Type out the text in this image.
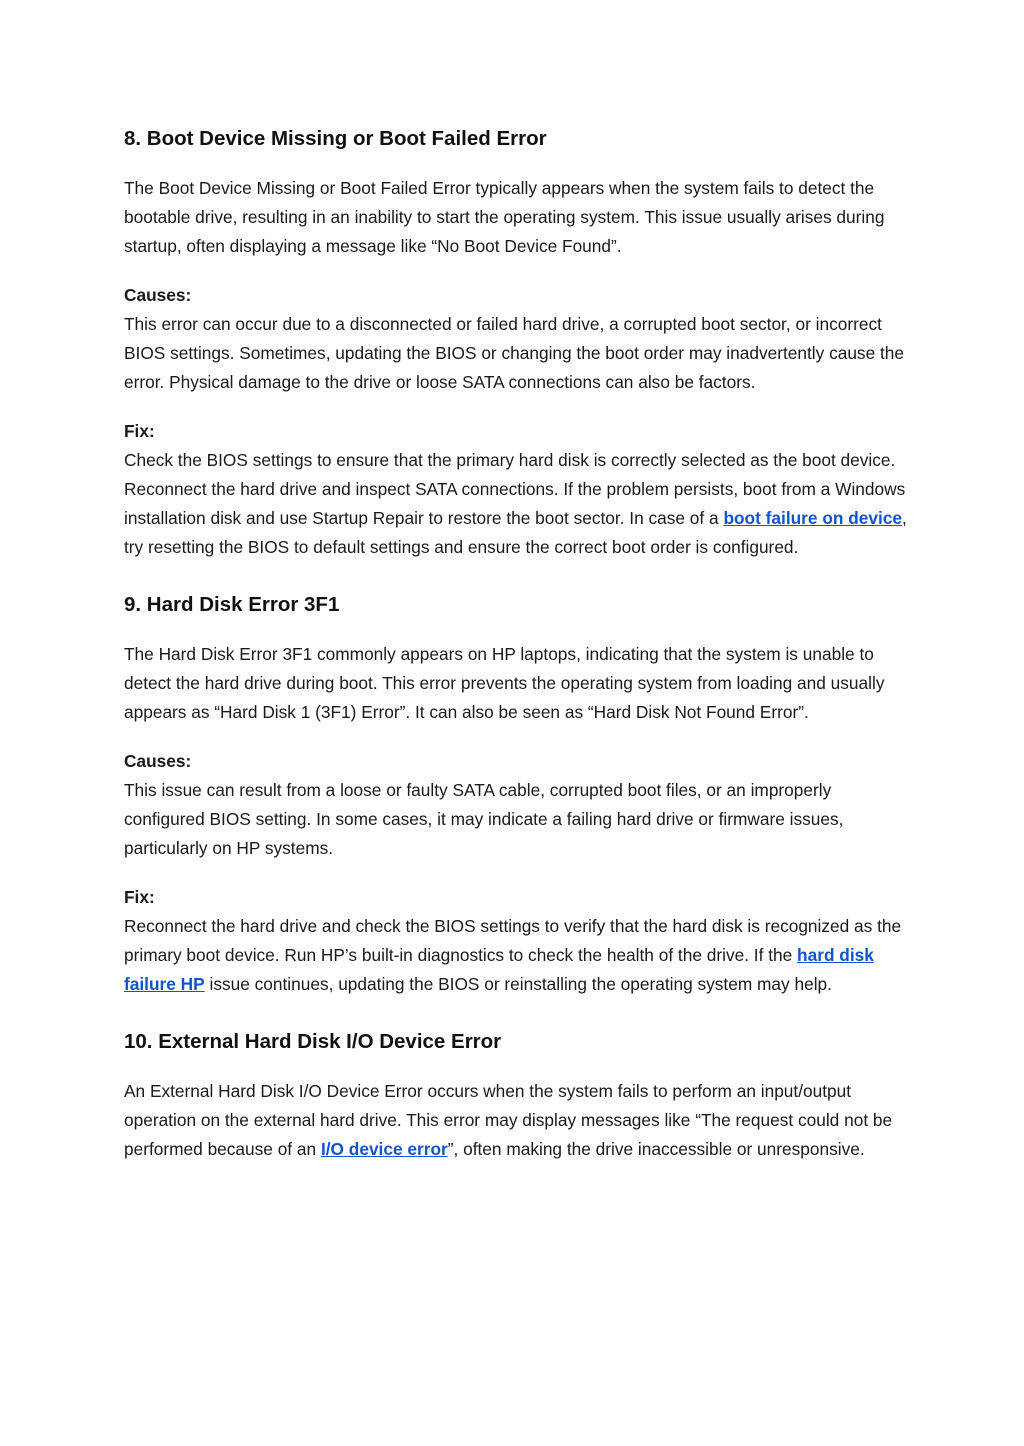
8. Boot Device Missing or Boot Failed Error

The Boot Device Missing or Boot Failed Error typically appears when the system fails to detect the bootable drive, resulting in an inability to start the operating system. This issue usually arises during startup, often displaying a message like “No Boot Device Found”.

Causes:
This error can occur due to a disconnected or failed hard drive, a corrupted boot sector, or incorrect BIOS settings. Sometimes, updating the BIOS or changing the boot order may inadvertently cause the error. Physical damage to the drive or loose SATA connections can also be factors.

Fix:
Check the BIOS settings to ensure that the primary hard disk is correctly selected as the boot device. Reconnect the hard drive and inspect SATA connections. If the problem persists, boot from a Windows installation disk and use Startup Repair to restore the boot sector. In case of a boot failure on device, try resetting the BIOS to default settings and ensure the correct boot order is configured.

9. Hard Disk Error 3F1

The Hard Disk Error 3F1 commonly appears on HP laptops, indicating that the system is unable to detect the hard drive during boot. This error prevents the operating system from loading and usually appears as “Hard Disk 1 (3F1) Error”. It can also be seen as “Hard Disk Not Found Error”.

Causes:
This issue can result from a loose or faulty SATA cable, corrupted boot files, or an improperly configured BIOS setting. In some cases, it may indicate a failing hard drive or firmware issues, particularly on HP systems.

Fix:
Reconnect the hard drive and check the BIOS settings to verify that the hard disk is recognized as the primary boot device. Run HP’s built-in diagnostics to check the health of the drive. If the hard disk failure HP issue continues, updating the BIOS or reinstalling the operating system may help.

10. External Hard Disk I/O Device Error

An External Hard Disk I/O Device Error occurs when the system fails to perform an input/output operation on the external hard drive. This error may display messages like “The request could not be performed because of an I/O device error”, often making the drive inaccessible or unresponsive.
